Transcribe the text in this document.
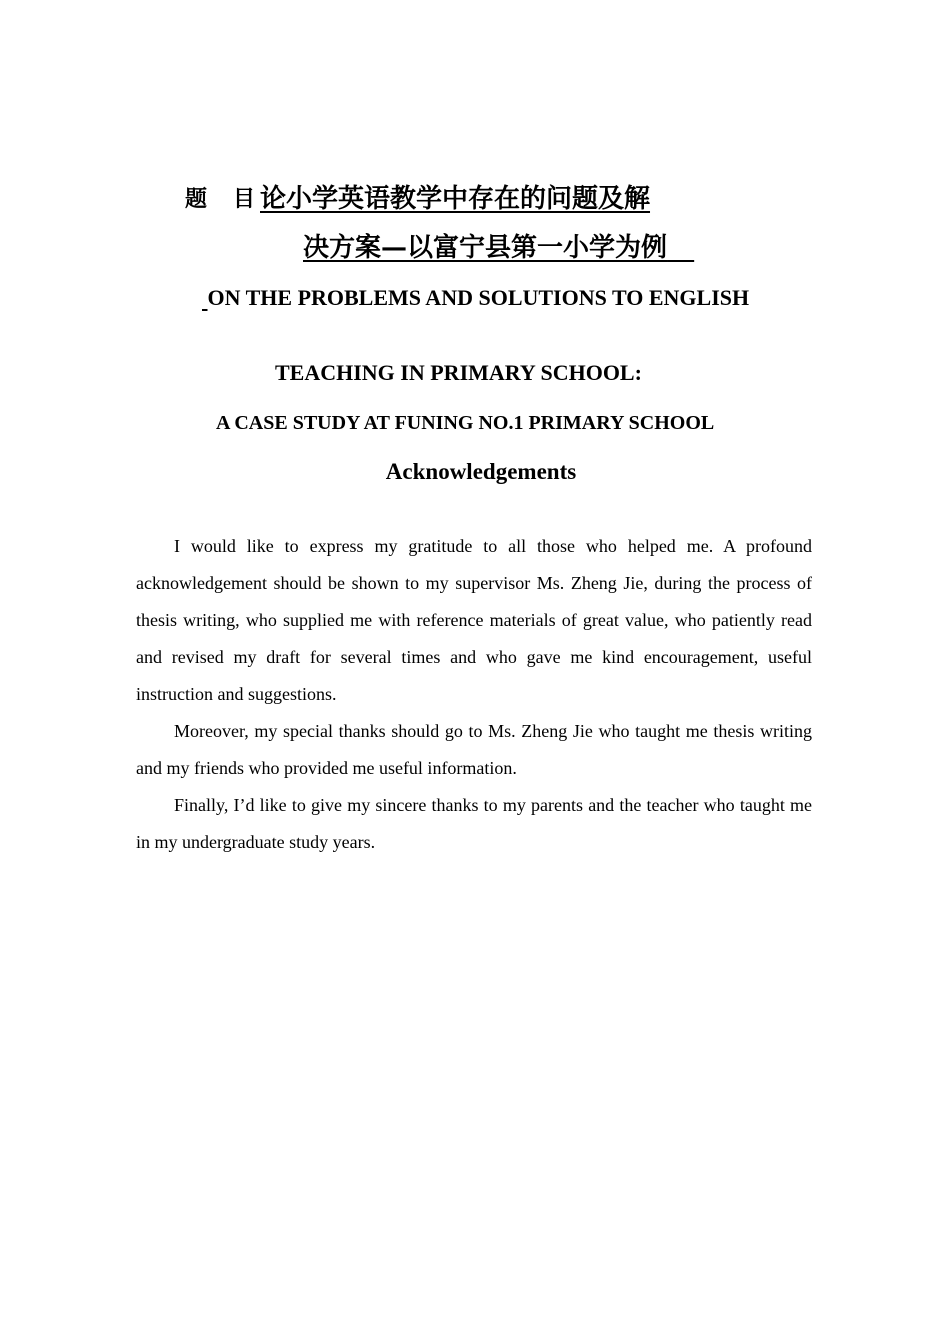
题 目 论小学英语教学中存在的问题及解
决方案—以富宁县第一小学为例
ON THE PROBLEMS AND SOLUTIONS TO ENGLISH
TEACHING IN PRIMARY SCHOOL:
A CASE STUDY AT FUNING NO.1 PRIMARY SCHOOL
Acknowledgements

I would like to express my gratitude to all those who helped me. A profound acknowledgement should be shown to my supervisor Ms. Zheng Jie, during the process of thesis writing, who supplied me with reference materials of great value, who patiently read and revised my draft for several times and who gave me kind encouragement, useful instruction and suggestions.

Moreover, my special thanks should go to Ms. Zheng Jie who taught me thesis writing and my friends who provided me useful information.

Finally, I’d like to give my sincere thanks to my parents and the teacher who taught me in my undergraduate study years.
